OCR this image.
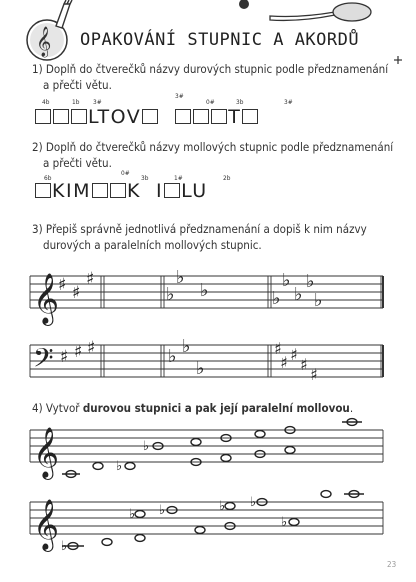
𝄞
𝄞
𝄢
𝄞
𝄞
♯ ♯
♯
♭
♭
♭	♭
♭
♭
♭
♭
♯ ♯ ♯	♭ ♭
♭
♯
♯ ♯
♯
♯
♭
♭
♭
♭ ♭	♭ ♭
♭
OPAKOVÁNÍ STUPNIC A AKORDŮ
1) Doplň do čtverečků názvy durových stupnic podle předznamenání
a přečti větu.
4b	1b 3#
3#
0#	3b	3#
LTOV	T
2) Doplň do čtverečků názvy mollových stupnic podle předznamenání
a přečti větu.
6b
0#
3b	1#	2b
KIM K I LU
3) Přepiš správně jednotlivá předznamenání a dopiš k nim názvy
durových a paralelních mollových stupnic.
4) Vytvoř durovou stupnici a pak její paralelní mollovou.
23
